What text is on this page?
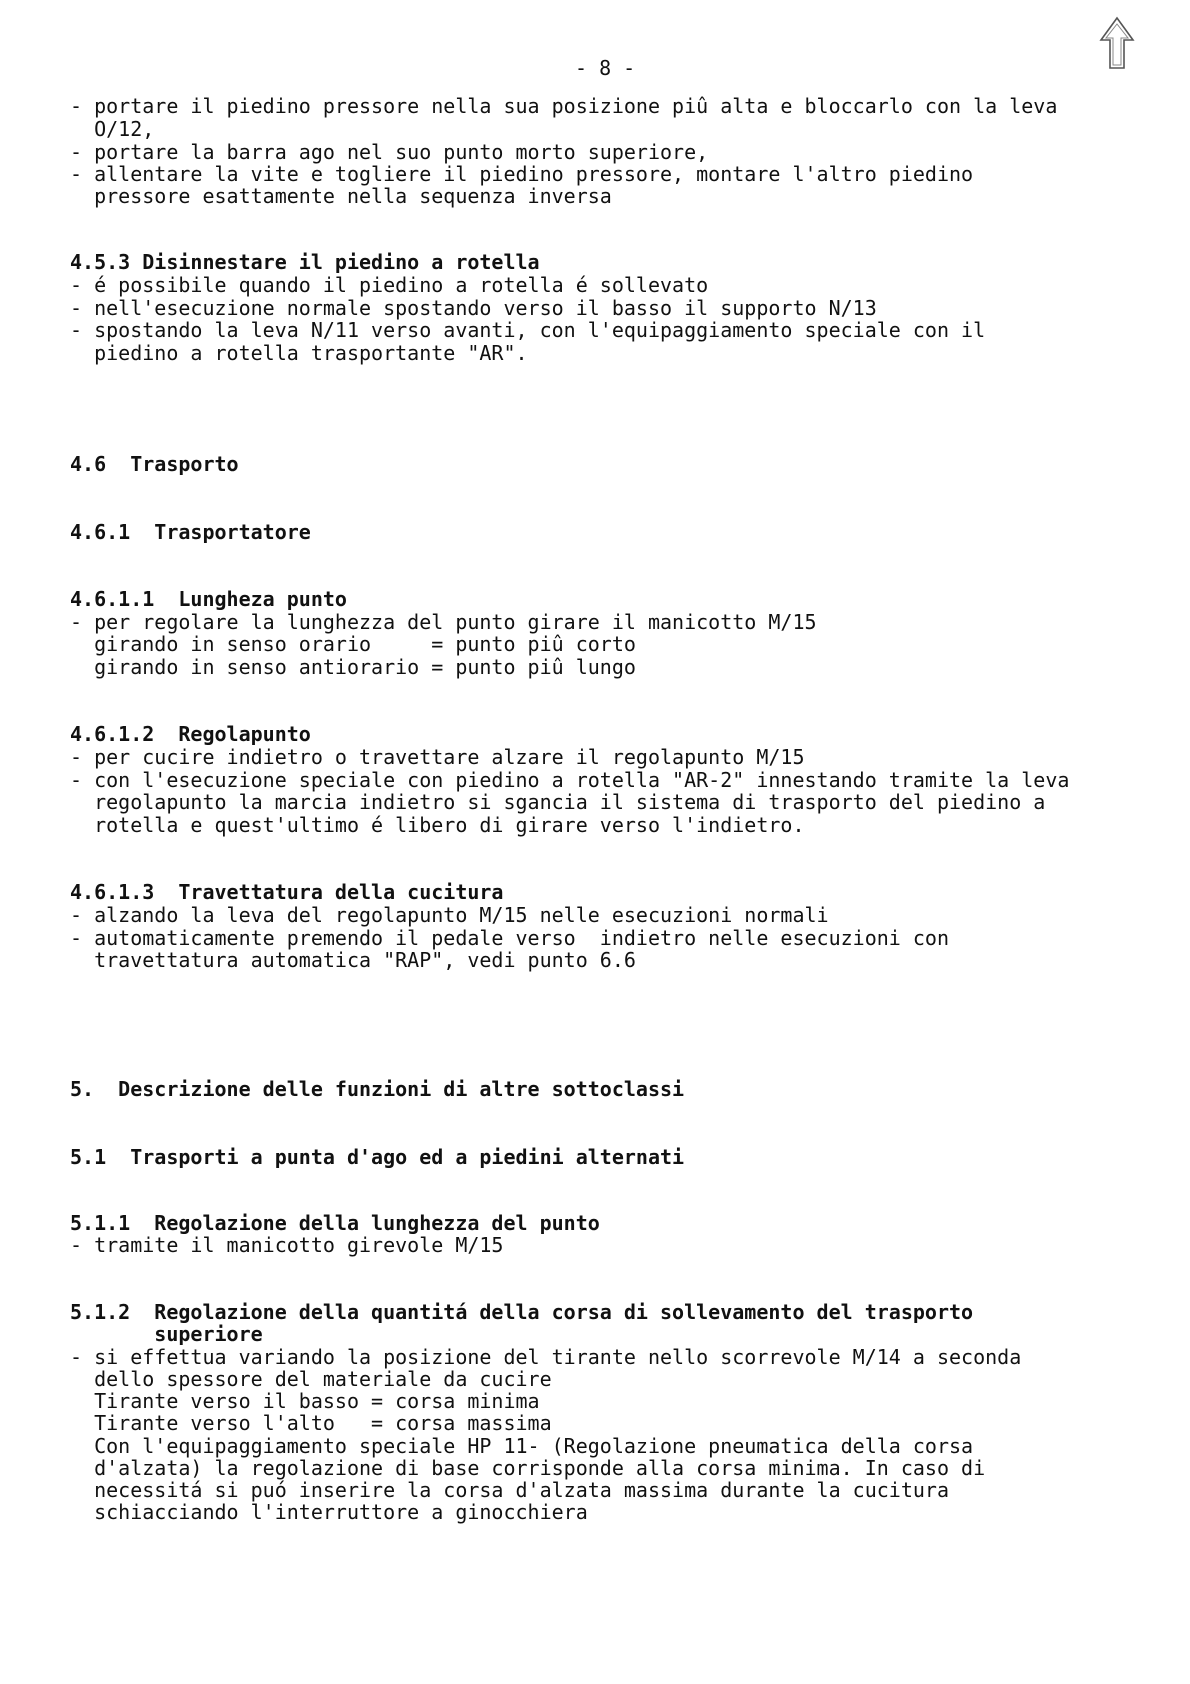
- 8 -
- portare il piedino pressore nella sua posizione piû alta e bloccarlo con la leva
O/12,
- portare la barra ago nel suo punto morto superiore,
- allentare la vite e togliere il piedino pressore, montare l'altro piedino
pressore esattamente nella sequenza inversa
4.5.3 Disinnestare il piedino a rotella
- é possibile quando il piedino a rotella é sollevato
- nell'esecuzione normale spostando verso il basso il supporto N/13
- spostando la leva N/11 verso avanti, con l'equipaggiamento speciale con il
piedino a rotella trasportante "AR".
4.6  Trasporto
4.6.1  Trasportatore
4.6.1.1  Lungheza punto
- per regolare la lunghezza del punto girare il manicotto M/15
girando in senso orario     = punto piû corto
girando in senso antiorario = punto piû lungo
4.6.1.2  Regolapunto
- per cucire indietro o travettare alzare il regolapunto M/15
- con l'esecuzione speciale con piedino a rotella "AR-2" innestando tramite la leva
regolapunto la marcia indietro si sgancia il sistema di trasporto del piedino a
rotella e quest'ultimo é libero di girare verso l'indietro.
4.6.1.3  Travettatura della cucitura
- alzando la leva del regolapunto M/15 nelle esecuzioni normali
- automaticamente premendo il pedale verso  indietro nelle esecuzioni con
travettatura automatica "RAP", vedi punto 6.6
5.  Descrizione delle funzioni di altre sottoclassi
5.1  Trasporti a punta d'ago ed a piedini alternati
5.1.1  Regolazione della lunghezza del punto
- tramite il manicotto girevole M/15
5.1.2  Regolazione della quantitá della corsa di sollevamento del trasporto
superiore
- si effettua variando la posizione del tirante nello scorrevole M/14 a seconda
dello spessore del materiale da cucire
Tirante verso il basso = corsa minima
Tirante verso l'alto   = corsa massima
Con l'equipaggiamento speciale HP 11- (Regolazione pneumatica della corsa
d'alzata) la regolazione di base corrisponde alla corsa minima. In caso di
necessitá si puó inserire la corsa d'alzata massima durante la cucitura
schiacciando l'interruttore a ginocchiera
